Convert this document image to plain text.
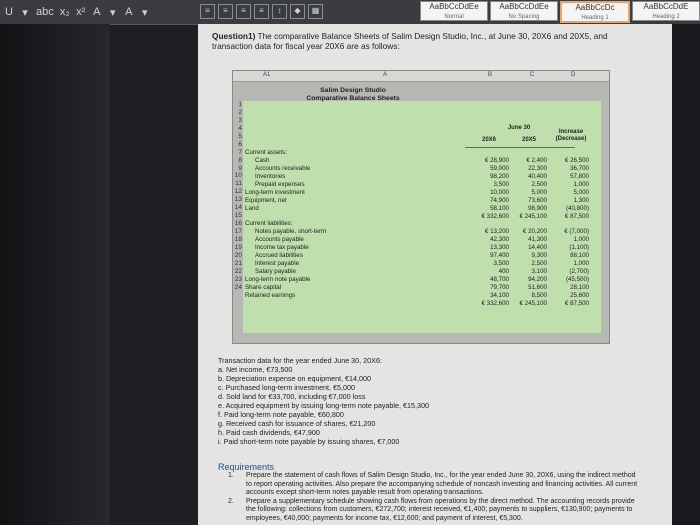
U ▾ abc x₂ x² A ▾ A ▾	≡	≡	≡	≡	↕	◆	▦	AaBbCcDdEe
Normal
AaBbCcDdEe
No Spacing
AaBbCcDc
Heading 1
AaBbCcDdE
Heading 2
Question1) The comparative Balance Sheets of Salim Design Studio, Inc., at June 30, 20X6 and 20X5, and transaction data for fiscal year 20X6 are as follows:
A1	A	B	C	D
1
2
3
4
5
6
7
8
9
10
11
12
13
14
15
16
17
18
19
20
21
22
23
24
Salim Design Studio
Comparative Balance Sheets
June 30
20X6	20X5
Increase (Decrease)
Current assets:
Cash	€ 28,900	€ 2,400	€ 26,500
Accounts receivable	59,000	22,300	36,700
Inventories	98,200	40,400	57,800
Prepaid expenses	3,500	2,500	1,000
Long-term investment	10,000	5,000	5,000
Equipment, net	74,900	73,600	1,300
Land	58,100	98,900	(40,800)
€ 332,600	€ 245,100	€ 87,500
Current liabilities:
Notes payable, short-term	€ 13,200	€ 20,200	€ (7,000)
Accounts payable	42,300	41,300	1,000
Income tax payable	13,300	14,400	(1,100)
Accrued liabilities	97,400	9,300	88,100
Interest payable	3,500	2,500	1,000
Salary payable	400	3,100	(2,700)
Long-term note payable	48,700	94,200	(45,500)
Share capital	79,700	51,600	28,100
Retained earnings	34,100	8,500	25,600
€ 332,600	€ 245,100	€ 87,500
Transaction data for the year ended June 30, 20X6:
a. Net income, €73,500
b. Depreciation expense on equipment, €14,000
c. Purchased long-term investment, €5,000
d. Sold land for €33,700, including €7,000 loss
e. Acquired equipment by issuing long-term note payable, €15,300
f. Paid long-term note payable, €60,800
g. Received cash for issuance of shares, €21,200
h. Paid cash dividends, €47,900
i. Paid short-term note payable by issuing shares, €7,000
Requirements
1. Prepare the statement of cash flows of Salim Design Studio, Inc., for the year ended June 30, 20X6, using the indirect method to report operating activities. Also prepare the accompanying schedule of noncash investing and financing activities. All current accounts except short-term notes payable result from operating transactions.
2. Prepare a supplementary schedule showing cash flows from operations by the direct method. The accounting records provide the following: collections from customers, €272,700; interest received, €1,400; payments to suppliers, €130,900; payments to employees, €40,000; payments for income tax, €12,600; and payment of interest, €5,300.
